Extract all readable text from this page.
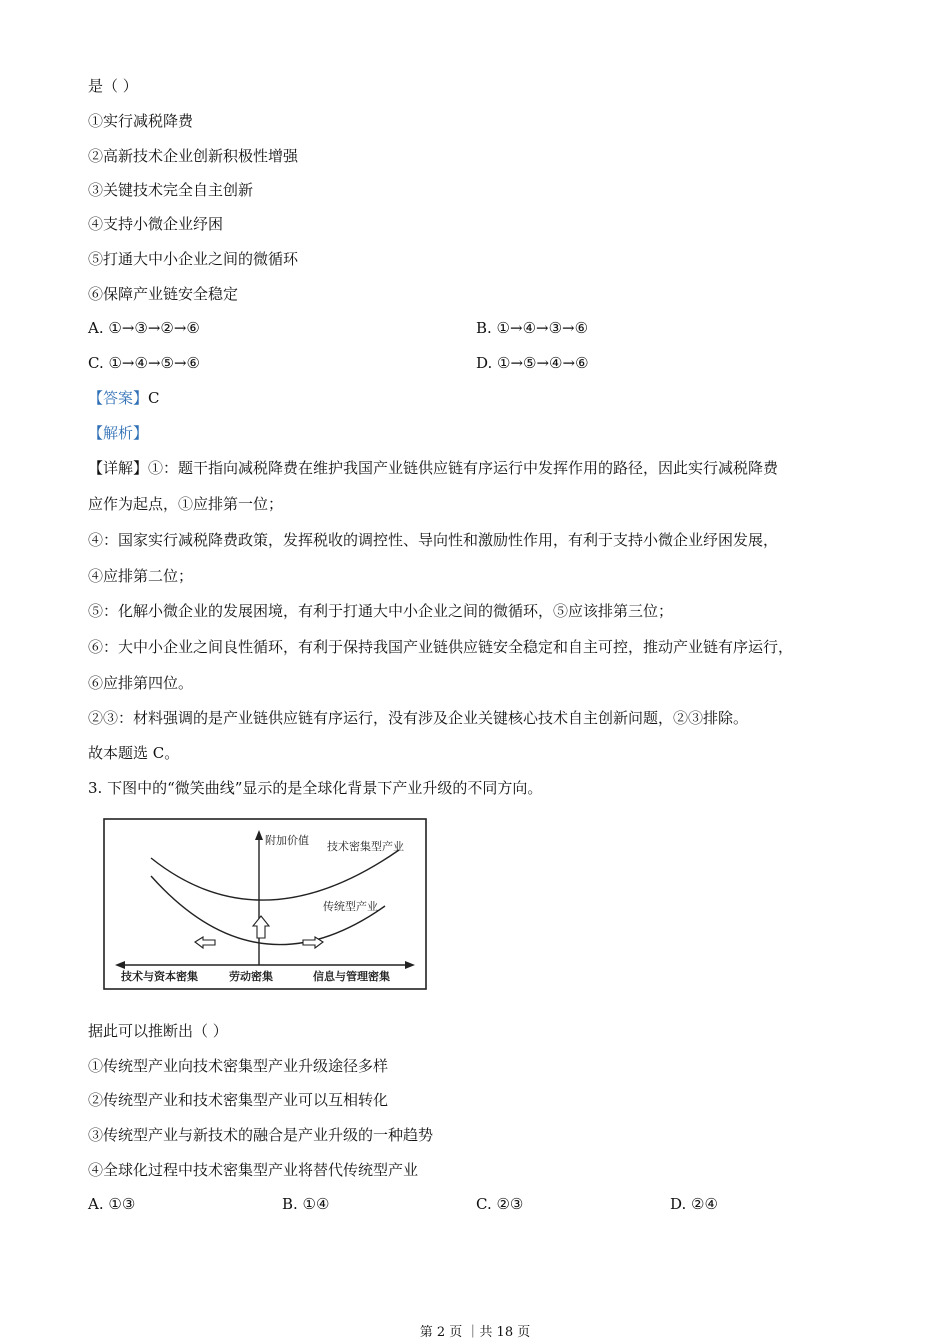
是（ ）
①实行减税降费
②高新技术企业创新积极性增强
③关键技术完全自主创新
④支持小微企业纾困
⑤打通大中小企业之间的微循环
⑥保障产业链安全稳定
A. ①→③→②→⑥	B. ①→④→③→⑥
C. ①→④→⑤→⑥	D. ①→⑤→④→⑥
【答案】C
【解析】
【详解】①：题干指向减税降费在维护我国产业链供应链有序运行中发挥作用的路径，因此实行减税降费
应作为起点，①应排第一位；
④：国家实行减税降费政策，发挥税收的调控性、导向性和激励性作用，有利于支持小微企业纾困发展，
④应排第二位；
⑤：化解小微企业的发展困境，有利于打通大中小企业之间的微循环，⑤应该排第三位；
⑥：大中小企业之间良性循环，有利于保持我国产业链供应链安全稳定和自主可控，推动产业链有序运行，
⑥应排第四位。
②③：材料强调的是产业链供应链有序运行，没有涉及企业关键核心技术自主创新问题，②③排除。
故本题选 C。
3. 下图中的“微笑曲线”显示的是全球化背景下产业升级的不同方向。
附加价值 技术密集型产业
传统型产业
技术与资本密集	劳动密集	信息与管理密集
据此可以推断出（ ）
①传统型产业向技术密集型产业升级途径多样
②传统型产业和技术密集型产业可以互相转化
③传统型产业与新技术的融合是产业升级的一种趋势
④全球化过程中技术密集型产业将替代传统型产业
A. ①③	B. ①④	C. ②③	D. ②④
第 2 页 ｜共 18 页
